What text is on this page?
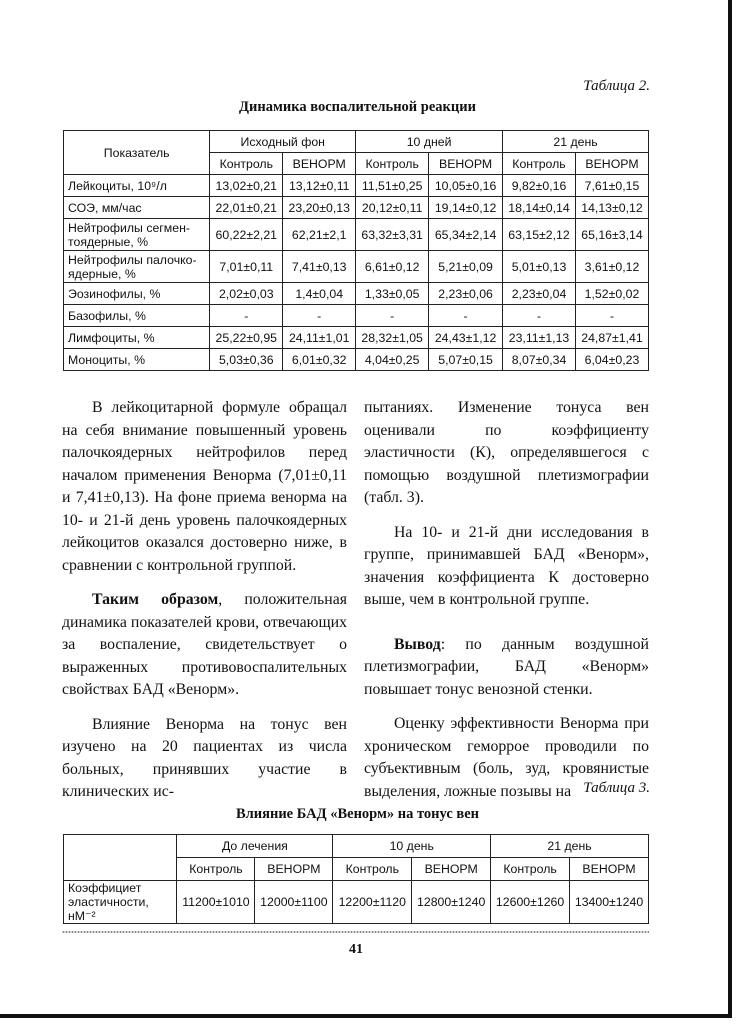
Таблица 2.
Динамика воспалительной реакции
Показатель	Исходный фон		10 дней		21 день	
	Контроль	ВЕНОРМ	Контроль	ВЕНОРМ	Контроль	ВЕНОРМ
Лейкоциты, 10⁹/л	13,02±0,21	13,12±0,11	11,51±0,25	10,05±0,16	9,82±0,16	7,61±0,15
СОЭ, мм/час	22,01±0,21	23,20±0,13	20,12±0,11	19,14±0,12	18,14±0,14	14,13±0,12
Нейтрофилы сегмен-тоядерные, %	60,22±2,21	62,21±2,1	63,32±3,31	65,34±2,14	63,15±2,12	65,16±3,14
Нейтрофилы палочко-ядерные, %	7,01±0,11	7,41±0,13	6,61±0,12	5,21±0,09	5,01±0,13	3,61±0,12
Эозинофилы, %	2,02±0,03	1,4±0,04	1,33±0,05	2,23±0,06	2,23±0,04	1,52±0,02
Базофилы, %	-	-	-	-	-	-
Лимфоциты, %	25,22±0,95	24,11±1,01	28,32±1,05	24,43±1,12	23,11±1,13	24,87±1,41
Моноциты, %	5,03±0,36	6,01±0,32	4,04±0,25	5,07±0,15	8,07±0,34	6,04±0,23

В лейкоцитарной формуле обращал на себя внимание повышенный уровень палочкоядерных нейтрофилов перед началом применения Венорма (7,01±0,11 и 7,41±0,13). На фоне приема венорма на 10- и 21-й день уровень палочкоядерных лейкоцитов оказался достоверно ниже, в сравнении с контрольной группой.

Таким образом, положительная динамика показателей крови, отвечающих за воспаление, свидетельствует о выраженных противовоспалительных свойствах БАД «Венорм».

Влияние Венорма на тонус вен изучено на 20 пациентах из числа больных, принявших участие в клинических ис-

пытаниях. Изменение тонуса вен оценивали по коэффициенту эластичности (К), определявшегося с помощью воздушной плетизмографии (табл. 3).

На 10- и 21-й дни исследования в группе, принимавшей БАД «Венорм», значения коэффициента К достоверно выше, чем в контрольной группе.

Вывод: по данным воздушной плетизмографии, БАД «Венорм» повышает тонус венозной стенки.

Оценку эффективности Венорма при хроническом геморрое проводили по субъективным (боль, зуд, кровянистые выделения, ложные позывы на Таблица 3.
Влияние БАД «Венорм» на тонус вен
	До лечения		10 день		21 день	
	Контроль	ВЕНОРМ	Контроль	ВЕНОРМ	Контроль	ВЕНОРМ
Коэффициет эластичности, нМ⁻²	11200±1010	12000±1100	12200±1120	12800±1240	12600±1260	13400±1240
41
